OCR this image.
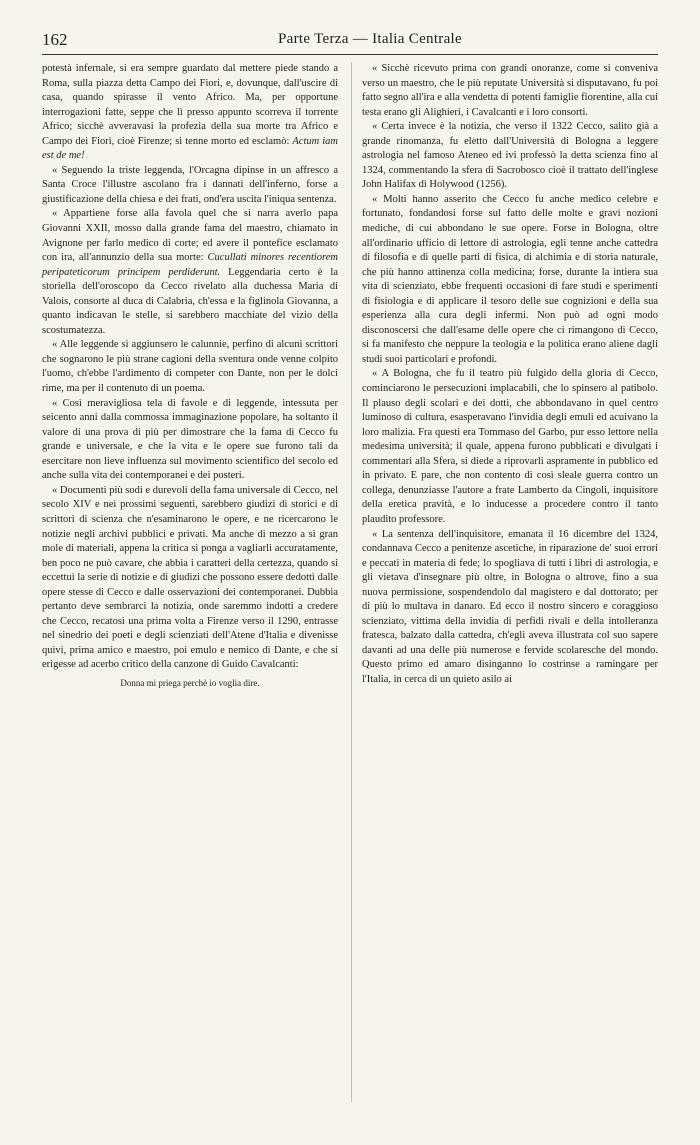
162	Parte Terza — Italia Centrale

potestà infernale, si era sempre guardato dal mettere piede stando a Roma, sulla piazza detta Campo dei Fiori, e, dovunque, dall'uscire di casa, quando spirasse il vento Africo. Ma, per opportune interrogazioni fatte, seppe che lì presso appunto scorreva il torrente Africo; sicchè avveravasi la profezia della sua morte tra Africo e Campo dei Fiori, cioè Firenze; si tenne morto ed esclamò: Actum iam est de me!

« Seguendo la triste leggenda, l'Orcagna dipinse in un affresco a Santa Croce l'illustre ascolano fra i dannati dell'inferno, forse a giustificazione della chiesa e dei frati, ond'era uscita l'iniqua sentenza.

« Appartiene forse alla favola quel che si narra averlo papa Giovanni XXII, mosso dalla grande fama del maestro, chiamato in Avignone per farlo medico di corte; ed avere il pontefice esclamato con ira, all'annunzio della sua morte: Cucullati minores recentiorem peripateticorum principem perdiderunt. Leggendaria certo è la storiella dell'oroscopo da Cecco rivelato alla duchessa Maria di Valois, consorte al duca di Calabria, ch'essa e la figlinola Giovanna, a quanto indicavan le stelle, si sarebbero macchiate del vizio della scostumatezza.

« Alle leggende si aggiunsero le calunnie, perfino di alcuni scrittori che sognarono le più strane cagioni della sventura onde venne colpito l'uomo, ch'ebbe l'ardimento di competer con Dante, non per le dolci rime, ma per il contenuto di un poema.

« Così meravigliosa tela di favole e di leggende, intessuta per seicento anni dalla commossa immaginazione popolare, ha soltanto il valore di una prova di più per dimostrare che la fama di Cecco fu grande e universale, e che la vita e le opere sue furono tali da esercitare non lieve influenza sul movimento scientifico del secolo ed anche sulla vita dei contemporanei e dei posteri.

« Documenti più sodi e durevoli della fama universale di Cecco, nel secolo XIV e nei prossimi seguenti, sarebbero giudizi di storici e di scrittori di scienza che n'esaminarono le opere, e ne ricercarono le notizie negli archivi pubblici e privati. Ma anche di mezzo a sì gran mole di materiali, appena la critica si ponga a vagliarli accuratamente, ben poco ne può cavare, che abbia i caratteri della certezza, quando si eccettui la serie di notizie e di giudizi che possono essere dedotti dalle opere stesse di Cecco e dalle osservazioni dei contemporanei. Dubbia pertanto deve sembrarci la notizia, onde saremmo indotti a credere che Cecco, recatosi una prima volta a Firenze verso il 1290, entrasse nel sinedrio dei poeti e degli scienziati dell'Atene d'Italia e divenisse quivi, prima amico e maestro, poi emulo e nemico di Dante, e che si erigesse ad acerbo critico della canzone di Guido Cavalcanti:

Donna mi priega perchè io voglia dire.

« Sicchè ricevuto prima con grandi onoranze, come si conveniva verso un maestro, che le più reputate Università si disputavano, fu poi fatto segno all'ira e alla vendetta di potenti famiglie fiorentine, alla cui testa erano gli Alighieri, i Cavalcanti e i loro consorti.

« Certa invece è la notizia, che verso il 1322 Cecco, salito già a grande rinomanza, fu eletto dall'Università di Bologna a leggere astrologia nel famoso Ateneo ed ivi professò la detta scienza fino al 1324, commentando la sfera di Sacrobosco cioè il trattato dell'inglese John Halifax di Holywood (1256).

« Molti hanno asserito che Cecco fu anche medico celebre e fortunato, fondandosi forse sul fatto delle molte e gravi nozioni mediche, di cui abbondano le sue opere. Forse in Bologna, oltre all'ordinario ufficio di lettore di astrologia, egli tenne anche cattedra di filosofia e di quelle parti di fisica, di alchimia e di storia naturale, che più hanno attinenza colla medicina; forse, durante la intiera sua vita di scienziato, ebbe frequenti occasioni di fare studi e sperimenti di fisiologia e di applicare il tesoro delle sue cognizioni e della sua esperienza alla cura degli infermi. Non può ad ogni modo disconoscersi che dall'esame delle opere che ci rimangono di Cecco, si fa manifesto che neppure la teologia e la politica erano aliene dagli studi suoi particolari e profondi.

« A Bologna, che fu il teatro più fulgido della gloria di Cecco, cominciarono le persecuzioni implacabili, che lo spinsero al patibolo. Il plauso degli scolari e dei dotti, che abbondavano in quel centro luminoso di cultura, esasperavano l'invidia degli emuli ed acuivano la loro malizia. Fra questi era Tommaso del Garbo, pur esso lettore nella medesima università; il quale, appena furono pubblicati e divulgati i commentari alla Sfera, si diede a riprovarli aspramente in pubblico ed in privato. E pare, che non contento di così sleale guerra contro un collega, denunziasse l'autore a frate Lamberto da Cingoli, inquisitore della eretica pravità, e lo inducesse a procedere contro il tanto plaudito professore.

« La sentenza dell'inquisitore, emanata il 16 dicembre del 1324, condannava Cecco a penitenze ascetiche, in riparazione de' suoi errori e peccati in materia di fede; lo spogliava di tutti i libri di astrologia, e gli vietava d'insegnare più oltre, in Bologna o altrove, fino a sua nuova permissione, sospendendolo dal magistero e dal dottorato; per di più lo multava in danaro. Ed ecco il nostro sincero e coraggioso scienziato, vittima della invidia di perfidi rivali e della intolleranza fratesca, balzato dalla cattedra, ch'egli aveva illustrata col suo sapere davanti ad una delle più numerose e fervide scolaresche del mondo. Questo primo ed amaro disinganno lo costrinse a ramingare per l'Italia, in cerca di un quieto asilo ai
